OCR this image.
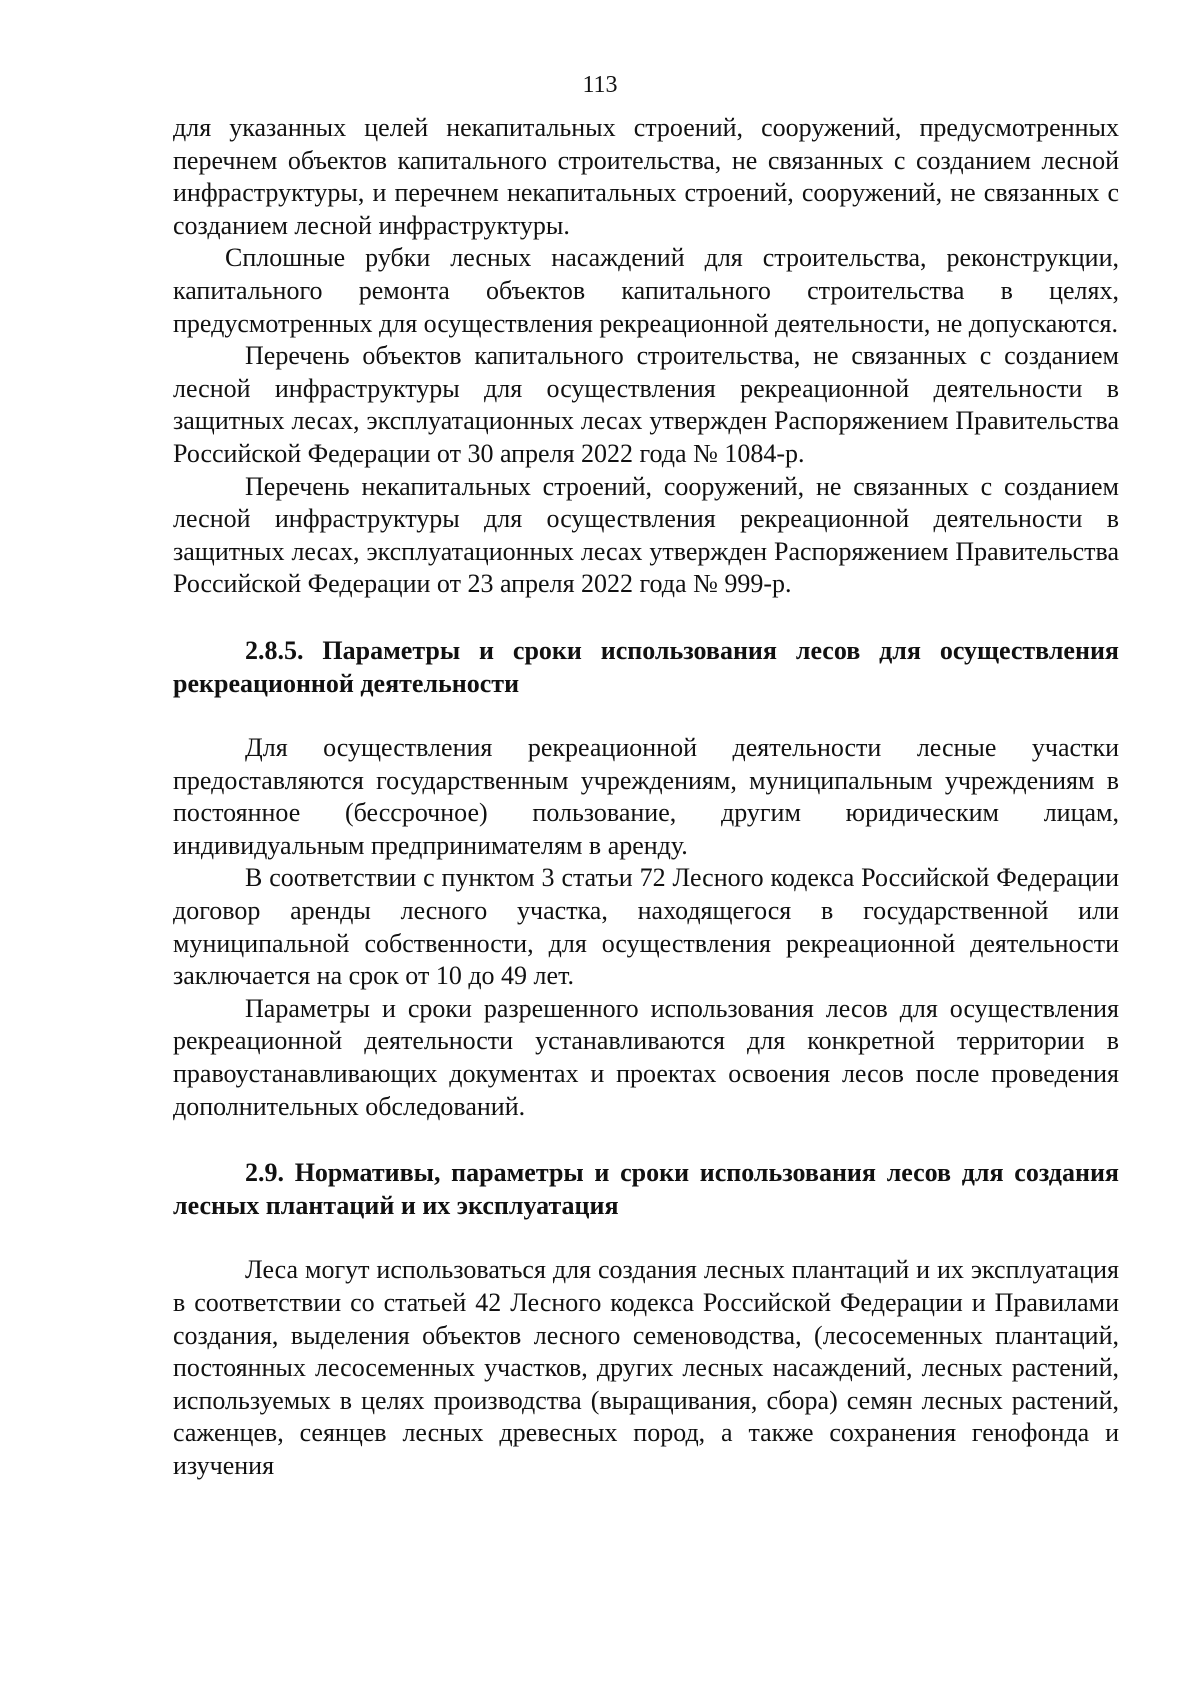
113

для указанных целей некапитальных строений, сооружений, предусмотренных перечнем объектов капитального строительства, не связанных с созданием лесной инфраструктуры, и перечнем некапитальных строений, сооружений, не связанных с созданием лесной инфраструктуры.

Сплошные рубки лесных насаждений для строительства, реконструкции, капитального ремонта объектов капитального строительства в целях, предусмотренных для осуществления рекреационной деятельности, не допускаются.

Перечень объектов капитального строительства, не связанных с созданием лесной инфраструктуры для осуществления рекреационной деятельности в защитных лесах, эксплуатационных лесах утвержден Распоряжением Правительства Российской Федерации от 30 апреля 2022 года № 1084-р.

Перечень некапитальных строений, сооружений, не связанных с созданием лесной инфраструктуры для осуществления рекреационной деятельности в защитных лесах, эксплуатационных лесах утвержден Распоряжением Правительства Российской Федерации от 23 апреля 2022 года № 999-р.

2.8.5. Параметры и сроки использования лесов для осуществления рекреационной деятельности

Для осуществления рекреационной деятельности лесные участки предоставляются государственным учреждениям, муниципальным учреждениям в постоянное (бессрочное) пользование, другим юридическим лицам, индивидуальным предпринимателям в аренду.

В соответствии с пунктом 3 статьи 72 Лесного кодекса Российской Федерации договор аренды лесного участка, находящегося в государственной или муниципальной собственности, для осуществления рекреационной деятельности заключается на срок от 10 до 49 лет.

Параметры и сроки разрешенного использования лесов для осуществления рекреационной деятельности устанавливаются для конкретной территории в правоустанавливающих документах и проектах освоения лесов после проведения дополнительных обследований.

2.9. Нормативы, параметры и сроки использования лесов для создания лесных плантаций и их эксплуатация

Леса могут использоваться для создания лесных плантаций и их эксплуатация в соответствии со статьей 42 Лесного кодекса Российской Федерации и Правилами создания, выделения объектов лесного семеноводства, (лесосеменных плантаций, постоянных лесосеменных участков, других лесных насаждений, лесных растений, используемых в целях производства (выращивания, сбора) семян лесных растений, саженцев, сеянцев лесных древесных пород, а также сохранения генофонда и изучения
